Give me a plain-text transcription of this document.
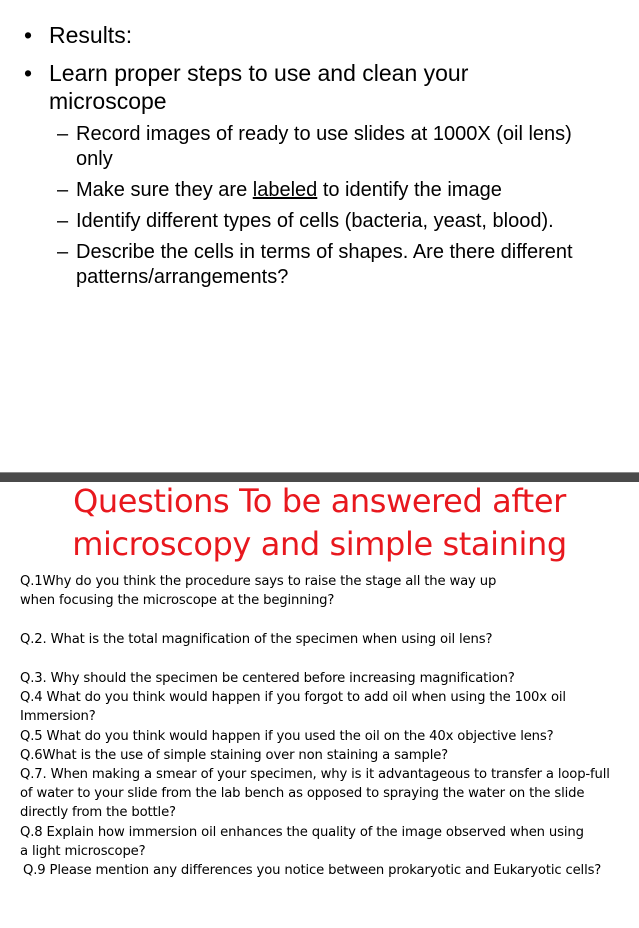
• Results:
• Learn proper steps to use and clean your
microscope
– Record images of ready to use slides at 1000X (oil lens)
only
– Make sure they are labeled to identify the image
– Identify different types of cells (bacteria, yeast, blood).
– Describe the cells in terms of shapes. Are there different
patterns/arrangements?
Questions To be answered after
microscopy and simple staining
Q.1Why do you think the procedure says to raise the stage all the way up
when focusing the microscope at the beginning?
Q.2. What is the total magnification of the specimen when using oil lens?
Q.3. Why should the specimen be centered before increasing magnification?
Q.4 What do you think would happen if you forgot to add oil when using the 100x oil
Immersion?
Q.5 What do you think would happen if you used the oil on the 40x objective lens?
Q.6What is the use of simple staining over non staining a sample?
Q.7. When making a smear of your specimen, why is it advantageous to transfer a loop-full
of water to your slide from the lab bench as opposed to spraying the water on the slide
directly from the bottle?
Q.8 Explain how immersion oil enhances the quality of the image observed when using
a light microscope?
Q.9 Please mention any differences you notice between prokaryotic and Eukaryotic cells?
